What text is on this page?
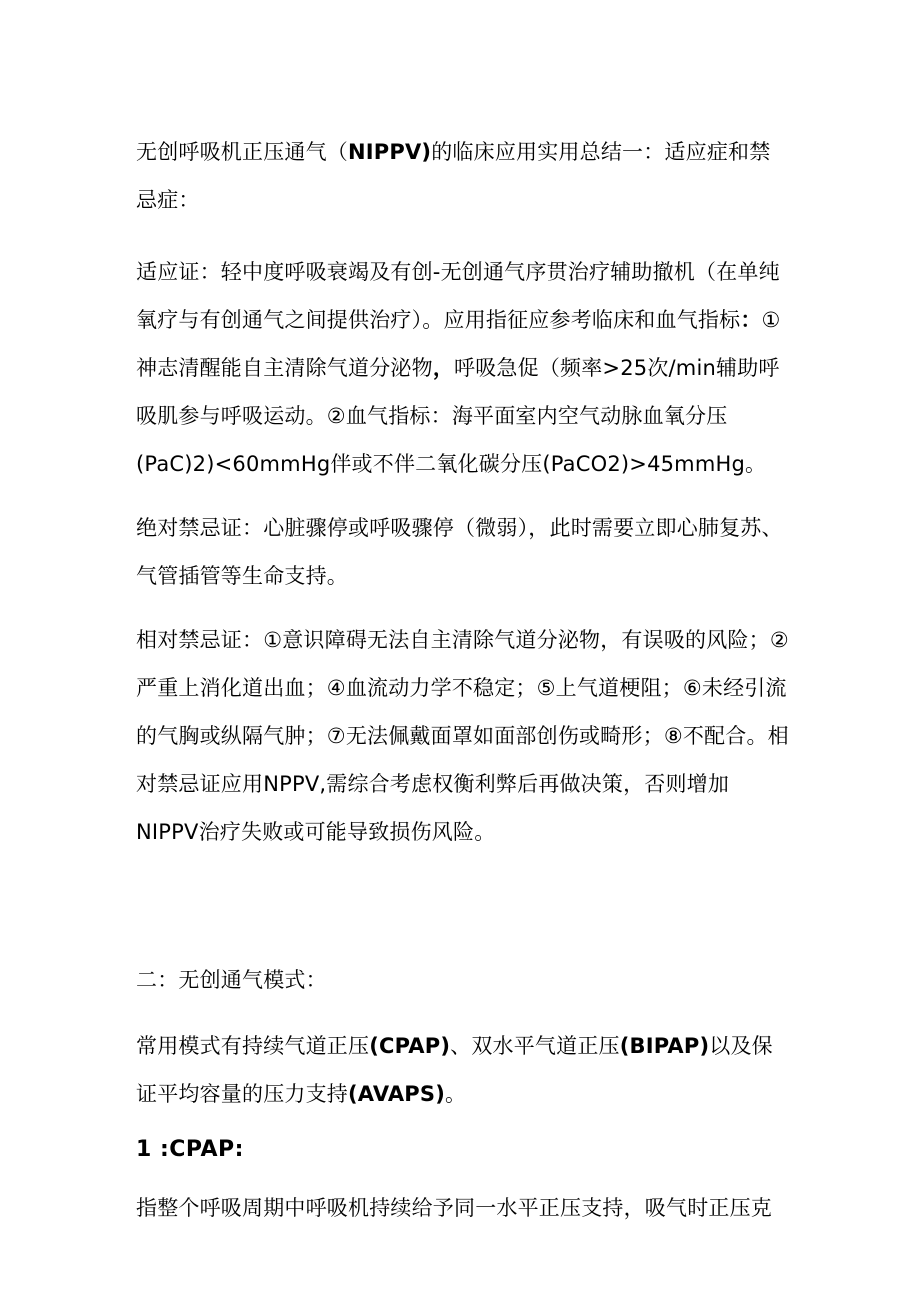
无创呼吸机正压通气（NIPPV)的临床应用实用总结一：适应症和禁忌症：

适应证：轻中度呼吸衰竭及有创-无创通气序贯治疗辅助撤机（在单纯氧疗与有创通气之间提供治疗）。应用指征应参考临床和血气指标：①神志清醒能自主清除气道分泌物，呼吸急促（频率>25次/min辅助呼吸肌参与呼吸运动。②血气指标：海平面室内空气动脉血氧分压(PaC)2)<60mmHg伴或不伴二氧化碳分压(PaCO2)>45mmHg。

绝对禁忌证：心脏骤停或呼吸骤停（微弱），此时需要立即心肺复苏、气管插管等生命支持。

相对禁忌证：①意识障碍无法自主清除气道分泌物，有误吸的风险；②严重上消化道出血；④血流动力学不稳定；⑤上气道梗阻；⑥未经引流的气胸或纵隔气肿；⑦无法佩戴面罩如面部创伤或畸形；⑧不配合。相对禁忌证应用NPPV,需综合考虑权衡利弊后再做决策，否则增加NIPPV治疗失败或可能导致损伤风险。

二：无创通气模式：

常用模式有持续气道正压(CPAP)、双水平气道正压(BIPAP)以及保证平均容量的压力支持(AVAPS)。

1 :CPAP:

指整个呼吸周期中呼吸机持续给予同一水平正压支持，吸气时正压克
